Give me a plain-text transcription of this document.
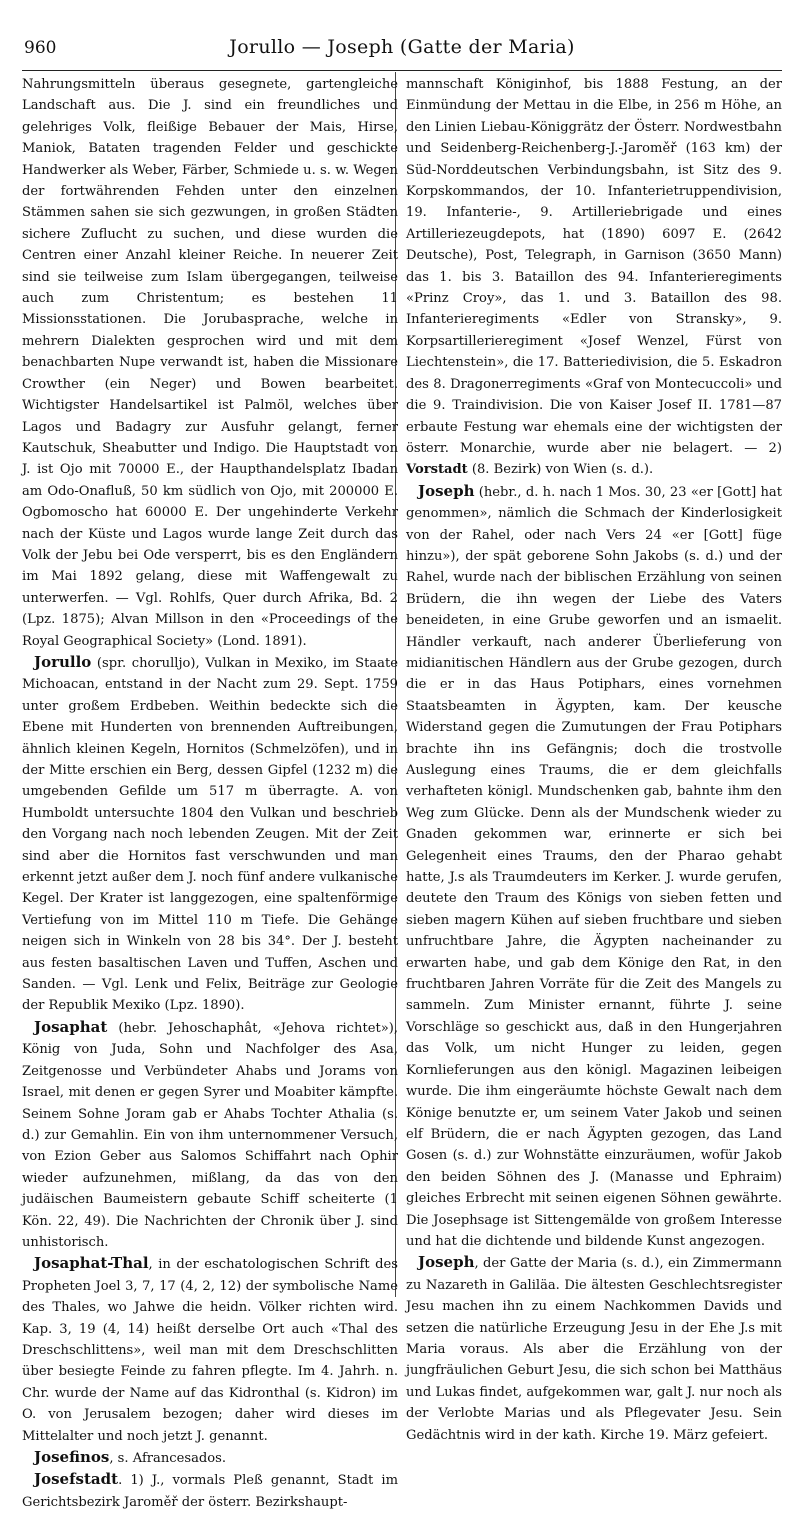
960	Jorullo — Joseph (Gatte der Maria)

Nahrungsmitteln überaus gesegnete, gartengleiche Landschaft aus. Die J. sind ein freundliches und gelehriges Volk, fleißige Bebauer der Mais, Hirse, Maniok, Bataten tragenden Felder und geschickte Handwerker als Weber, Färber, Schmiede u. s. w. Wegen der fortwährenden Fehden unter den einzelnen Stämmen sahen sie sich gezwungen, in großen Städten sichere Zuflucht zu suchen, und diese wurden die Centren einer Anzahl kleiner Reiche. In neuerer Zeit sind sie teilweise zum Islam übergegangen, teilweise auch zum Christentum; es bestehen 11 Missionsstationen. Die Jorubasprache, welche in mehrern Dialekten gesprochen wird und mit dem benachbarten Nupe verwandt ist, haben die Missionare Crowther (ein Neger) und Bowen bearbeitet. Wichtigster Handelsartikel ist Palmöl, welches über Lagos und Badagry zur Ausfuhr gelangt, ferner Kautschuk, Sheabutter und Indigo. Die Hauptstadt von J. ist Ojo mit 70000 E., der Haupthandelsplatz Ibadan am Odo-Onafluß, 50 km südlich von Ojo, mit 200000 E. Ogbomoscho hat 60000 E. Der ungehinderte Verkehr nach der Küste und Lagos wurde lange Zeit durch das Volk der Jebu bei Ode versperrt, bis es den Engländern im Mai 1892 gelang, diese mit Waffengewalt zu unterwerfen. — Vgl. Rohlfs, Quer durch Afrika, Bd. 2 (Lpz. 1875); Alvan Millson in den «Proceedings of the Royal Geographical Society» (Lond. 1891).

Jorullo (spr. chorulljo), Vulkan in Mexiko, im Staate Michoacan, entstand in der Nacht zum 29. Sept. 1759 unter großem Erdbeben. Weithin bedeckte sich die Ebene mit Hunderten von brennenden Auftreibungen, ähnlich kleinen Kegeln, Hornitos (Schmelzöfen), und in der Mitte erschien ein Berg, dessen Gipfel (1232 m) die umgebenden Gefilde um 517 m überragte. A. von Humboldt untersuchte 1804 den Vulkan und beschrieb den Vorgang nach noch lebenden Zeugen. Mit der Zeit sind aber die Hornitos fast verschwunden und man erkennt jetzt außer dem J. noch fünf andere vulkanische Kegel. Der Krater ist langgezogen, eine spaltenförmige Vertiefung von im Mittel 110 m Tiefe. Die Gehänge neigen sich in Winkeln von 28 bis 34°. Der J. besteht aus festen basaltischen Laven und Tuffen, Aschen und Sanden. — Vgl. Lenk und Felix, Beiträge zur Geologie der Republik Mexiko (Lpz. 1890).

Josaphat (hebr. Jehoschaphât, «Jehova richtet»), König von Juda, Sohn und Nachfolger des Asa, Zeitgenosse und Verbündeter Ahabs und Jorams von Israel, mit denen er gegen Syrer und Moabiter kämpfte. Seinem Sohne Joram gab er Ahabs Tochter Athalia (s. d.) zur Gemahlin. Ein von ihm unternommener Versuch, von Ezion Geber aus Salomos Schiffahrt nach Ophir wieder aufzunehmen, mißlang, da das von den judäischen Baumeistern gebaute Schiff scheiterte (1 Kön. 22, 49). Die Nachrichten der Chronik über J. sind unhistorisch.

Josaphat-Thal, in der eschatologischen Schrift des Propheten Joel 3, 7, 17 (4, 2, 12) der symbolische Name des Thales, wo Jahwe die heidn. Völker richten wird. Kap. 3, 19 (4, 14) heißt derselbe Ort auch «Thal des Dreschschlittens», weil man mit dem Dreschschlitten über besiegte Feinde zu fahren pflegte. Im 4. Jahrh. n. Chr. wurde der Name auf das Kidronthal (s. Kidron) im O. von Jerusalem bezogen; daher wird dieses im Mittelalter und noch jetzt J. genannt.

Josefinos, s. Afrancesados.

Josefstadt. 1) J., vormals Pleß genannt, Stadt im Gerichtsbezirk Jaroměř der österr. Bezirkshaupt-

mannschaft Königinhof, bis 1888 Festung, an der Einmündung der Mettau in die Elbe, in 256 m Höhe, an den Linien Liebau-Königgrätz der Österr. Nordwestbahn und Seidenberg-Reichenberg-J.-Jaroměř (163 km) der Süd-Norddeutschen Verbindungsbahn, ist Sitz des 9. Korpskommandos, der 10. Infanterietruppendivision, 19. Infanterie-, 9. Artilleriebrigade und eines Artilleriezeugdepots, hat (1890) 6097 E. (2642 Deutsche), Post, Telegraph, in Garnison (3650 Mann) das 1. bis 3. Bataillon des 94. Infanterieregiments «Prinz Croy», das 1. und 3. Bataillon des 98. Infanterieregiments «Edler von Stransky», 9. Korpsartillerieregiment «Josef Wenzel, Fürst von Liechtenstein», die 17. Batteriedivision, die 5. Eskadron des 8. Dragonerregiments «Graf von Montecuccoli» und die 9. Traindivision. Die von Kaiser Josef II. 1781—87 erbaute Festung war ehemals eine der wichtigsten der österr. Monarchie, wurde aber nie belagert. — 2) Vorstadt (8. Bezirk) von Wien (s. d.).

Joseph (hebr., d. h. nach 1 Mos. 30, 23 «er [Gott] hat genommen», nämlich die Schmach der Kinderlosigkeit von der Rahel, oder nach Vers 24 «er [Gott] füge hinzu»), der spät geborene Sohn Jakobs (s. d.) und der Rahel, wurde nach der biblischen Erzählung von seinen Brüdern, die ihn wegen der Liebe des Vaters beneideten, in eine Grube geworfen und an ismaelit. Händler verkauft, nach anderer Überlieferung von midianitischen Händlern aus der Grube gezogen, durch die er in das Haus Potiphars, eines vornehmen Staatsbeamten in Ägypten, kam. Der keusche Widerstand gegen die Zumutungen der Frau Potiphars brachte ihn ins Gefängnis; doch die trostvolle Auslegung eines Traums, die er dem gleichfalls verhafteten königl. Mundschenken gab, bahnte ihm den Weg zum Glücke. Denn als der Mundschenk wieder zu Gnaden gekommen war, erinnerte er sich bei Gelegenheit eines Traums, den der Pharao gehabt hatte, J.s als Traumdeuters im Kerker. J. wurde gerufen, deutete den Traum des Königs von sieben fetten und sieben magern Kühen auf sieben fruchtbare und sieben unfruchtbare Jahre, die Ägypten nacheinander zu erwarten habe, und gab dem Könige den Rat, in den fruchtbaren Jahren Vorräte für die Zeit des Mangels zu sammeln. Zum Minister ernannt, führte J. seine Vorschläge so geschickt aus, daß in den Hungerjahren das Volk, um nicht Hunger zu leiden, gegen Kornlieferungen aus den königl. Magazinen leibeigen wurde. Die ihm eingeräumte höchste Gewalt nach dem Könige benutzte er, um seinem Vater Jakob und seinen elf Brüdern, die er nach Ägypten gezogen, das Land Gosen (s. d.) zur Wohnstätte einzuräumen, wofür Jakob den beiden Söhnen des J. (Manasse und Ephraim) gleiches Erbrecht mit seinen eigenen Söhnen gewährte. Die Josephsage ist Sittengemälde von großem Interesse und hat die dichtende und bildende Kunst angezogen.

Joseph, der Gatte der Maria (s. d.), ein Zimmermann zu Nazareth in Galiläa. Die ältesten Geschlechtsregister Jesu machen ihn zu einem Nachkommen Davids und setzen die natürliche Erzeugung Jesu in der Ehe J.s mit Maria voraus. Als aber die Erzählung von der jungfräulichen Geburt Jesu, die sich schon bei Matthäus und Lukas findet, aufgekommen war, galt J. nur noch als der Verlobte Marias und als Pflegevater Jesu. Sein Gedächtnis wird in der kath. Kirche 19. März gefeiert.
